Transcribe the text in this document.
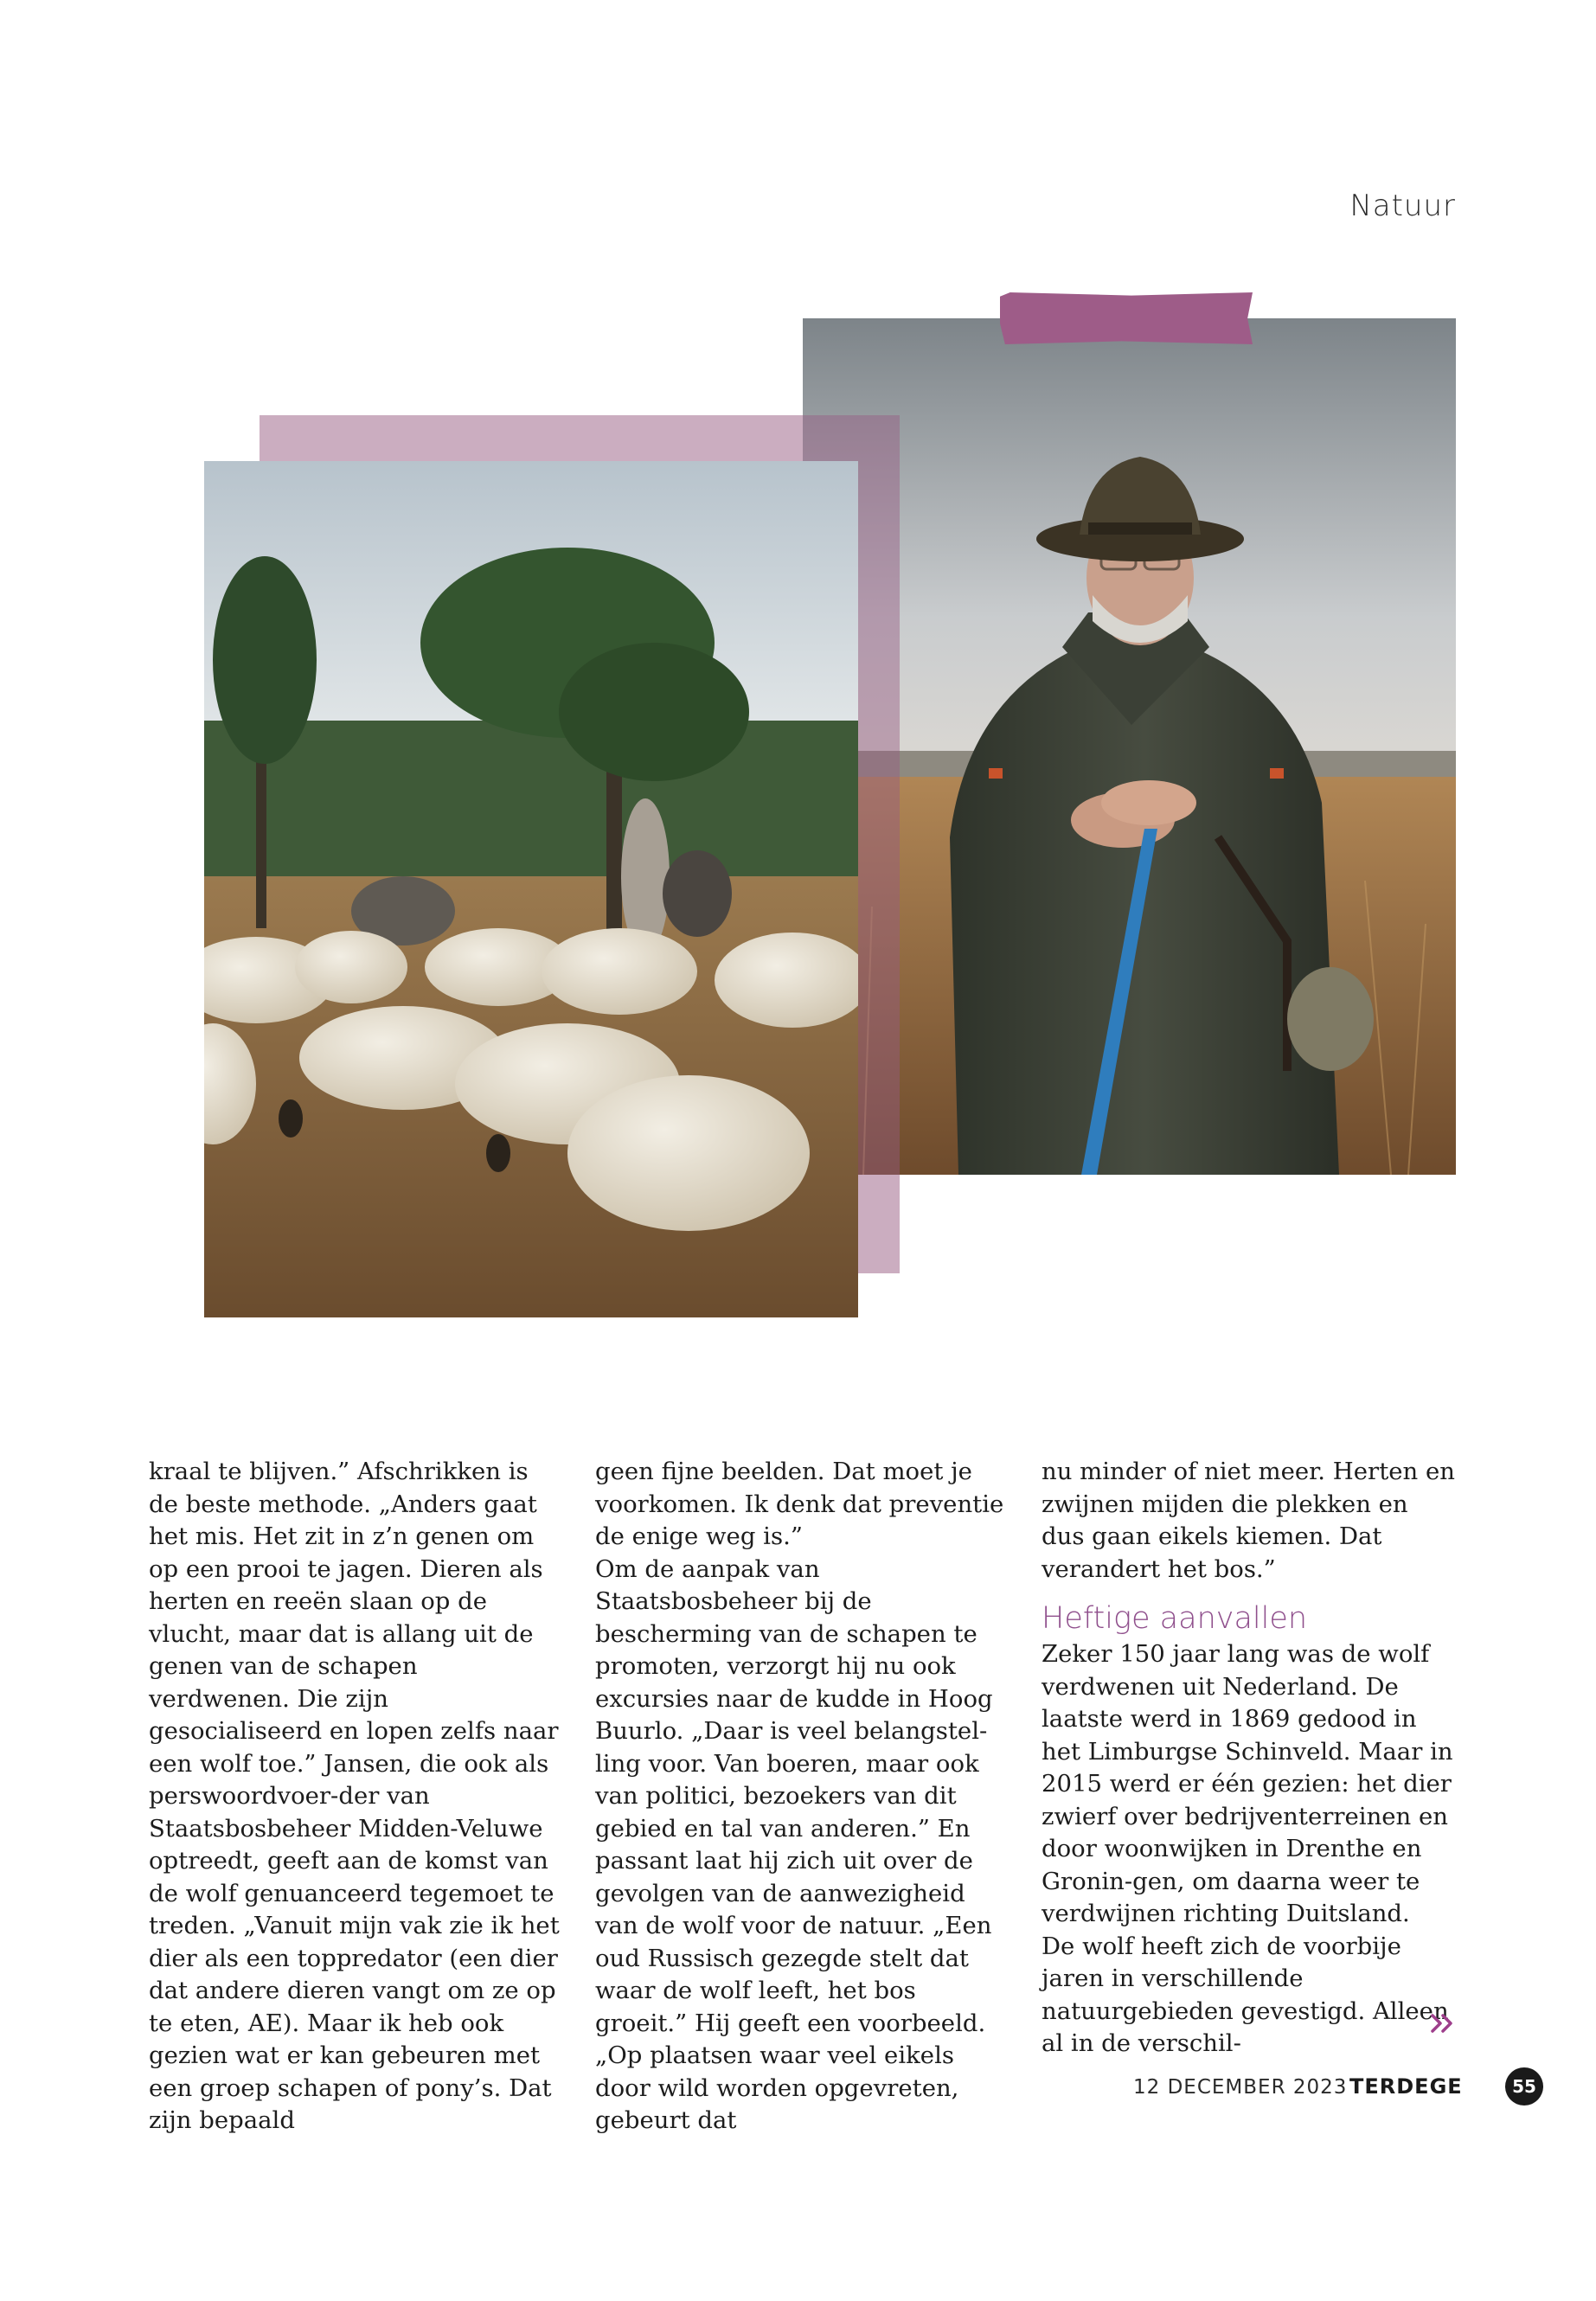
Natuur

kraal te blijven.” Afschrikken is de beste methode. „Anders gaat het mis. Het zit in z’n genen om op een prooi te jagen. Dieren als herten en reeën slaan op de vlucht, maar dat is allang uit de genen van de schapen verdwenen. Die zijn gesocialiseerd en lopen zelfs naar een wolf toe.” Jansen, die ook als perswoordvoer-der van Staatsbosbeheer Midden-Veluwe optreedt, geeft aan de komst van de wolf genuanceerd tegemoet te treden. „Vanuit mijn vak zie ik het dier als een toppredator (een dier dat andere dieren vangt om ze op te eten, AE). Maar ik heb ook gezien wat er kan gebeuren met een groep schapen of pony’s. Dat zijn bepaald

geen fijne beelden. Dat moet je voorkomen. Ik denk dat preventie de enige weg is.”

Om de aanpak van Staatsbosbeheer bij de bescherming van de schapen te promoten, verzorgt hij nu ook excursies naar de kudde in Hoog Buurlo. „Daar is veel belangstel-ling voor. Van boeren, maar ook van politici, bezoekers van dit gebied en tal van anderen.” En passant laat hij zich uit over de gevolgen van de aanwezigheid van de wolf voor de natuur. „Een oud Russisch gezegde stelt dat waar de wolf leeft, het bos groeit.” Hij geeft een voorbeeld. „Op plaatsen waar veel eikels door wild worden opgevreten, gebeurt dat

nu minder of niet meer. Herten en zwijnen mijden die plekken en dus gaan eikels kiemen. Dat verandert het bos.”

Heftige aanvallen

Zeker 150 jaar lang was de wolf verdwenen uit Nederland. De laatste werd in 1869 gedood in het Limburgse Schinveld. Maar in 2015 werd er één gezien: het dier zwierf over bedrijventerreinen en door woonwijken in Drenthe en Gronin-gen, om daarna weer te verdwijnen richting Duitsland.

De wolf heeft zich de voorbije jaren in verschillende natuurgebieden gevestigd. Alleen al in de verschil-

12 DECEMBER 2023 TERDEGE	55
